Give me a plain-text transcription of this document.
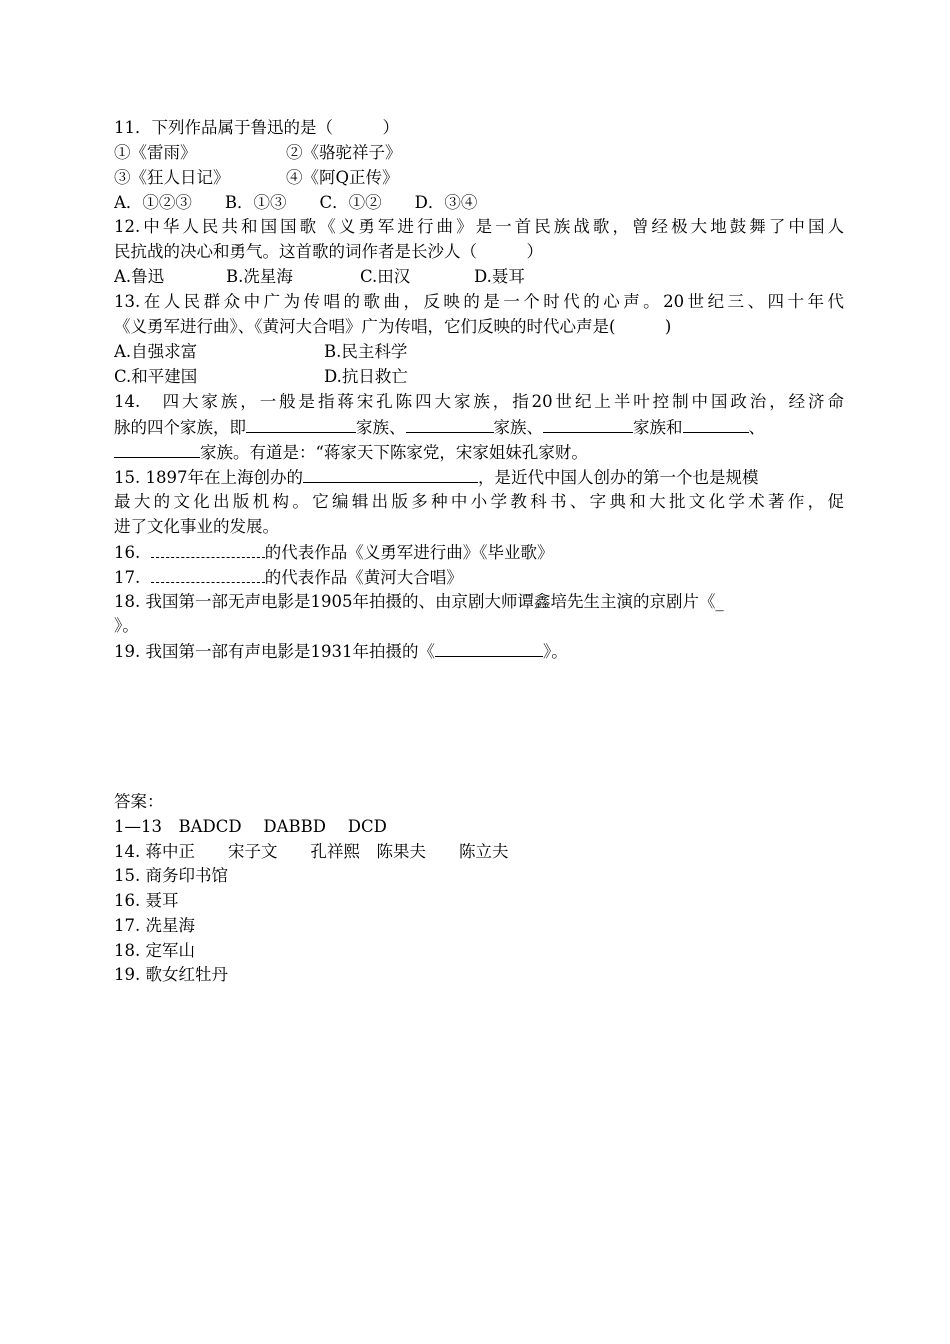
11．下列作品属于鲁迅的是（　　　）
①《雷雨》	②《骆驼祥子》
③《狂人日记》	④《阿Q正传》
A．①②③　　B．①③　　C．①②　　D．③④
12.中华人民共和国国歌《义勇军进行曲》是一首民族战歌，曾经极大地鼓舞了中国人
民抗战的决心和勇气。这首歌的词作者是长沙人（　　　）
A.鲁迅	B.冼星海	C.田汉	D.聂耳
13.在人民群众中广为传唱的歌曲，反映的是一个时代的心声。20世纪三、四十年代
《义勇军进行曲》、《黄河大合唱》广为传唱，它们反映的时代心声是(　　　)
A.自强求富	B.民主科学
C.和平建国	D.抗日救亡
14.　四大家族，一般是指蒋宋孔陈四大家族，指20世纪上半叶控制中国政治，经济命
脉的四个家族，即	家族、	家族、	家族和	、
家族。有道是：“蒋家天下陈家党，宋家姐妹孔家财。
15. 1897年在上海创办的	，是近代中国人创办的第一个也是规模
最大的文化出版机构。它编辑出版多种中小学教科书、字典和大批文化学术著作，促
进了文化事业的发展。
16.	的代表作品《义勇军进行曲》《毕业歌》
17.	的代表作品《黄河大合唱》
18. 我国第一部无声电影是1905年拍摄的、由京剧大师谭鑫培先生主演的京剧片《_
》。
19. 我国第一部有声电影是1931年拍摄的《	》。
答案：
1—13　BADCD　 DABBD　 DCD
14. 蒋中正　　宋子文　　孔祥熙　陈果夫　　陈立夫
15. 商务印书馆
16. 聂耳
17. 冼星海
18. 定军山
19. 歌女红牡丹
